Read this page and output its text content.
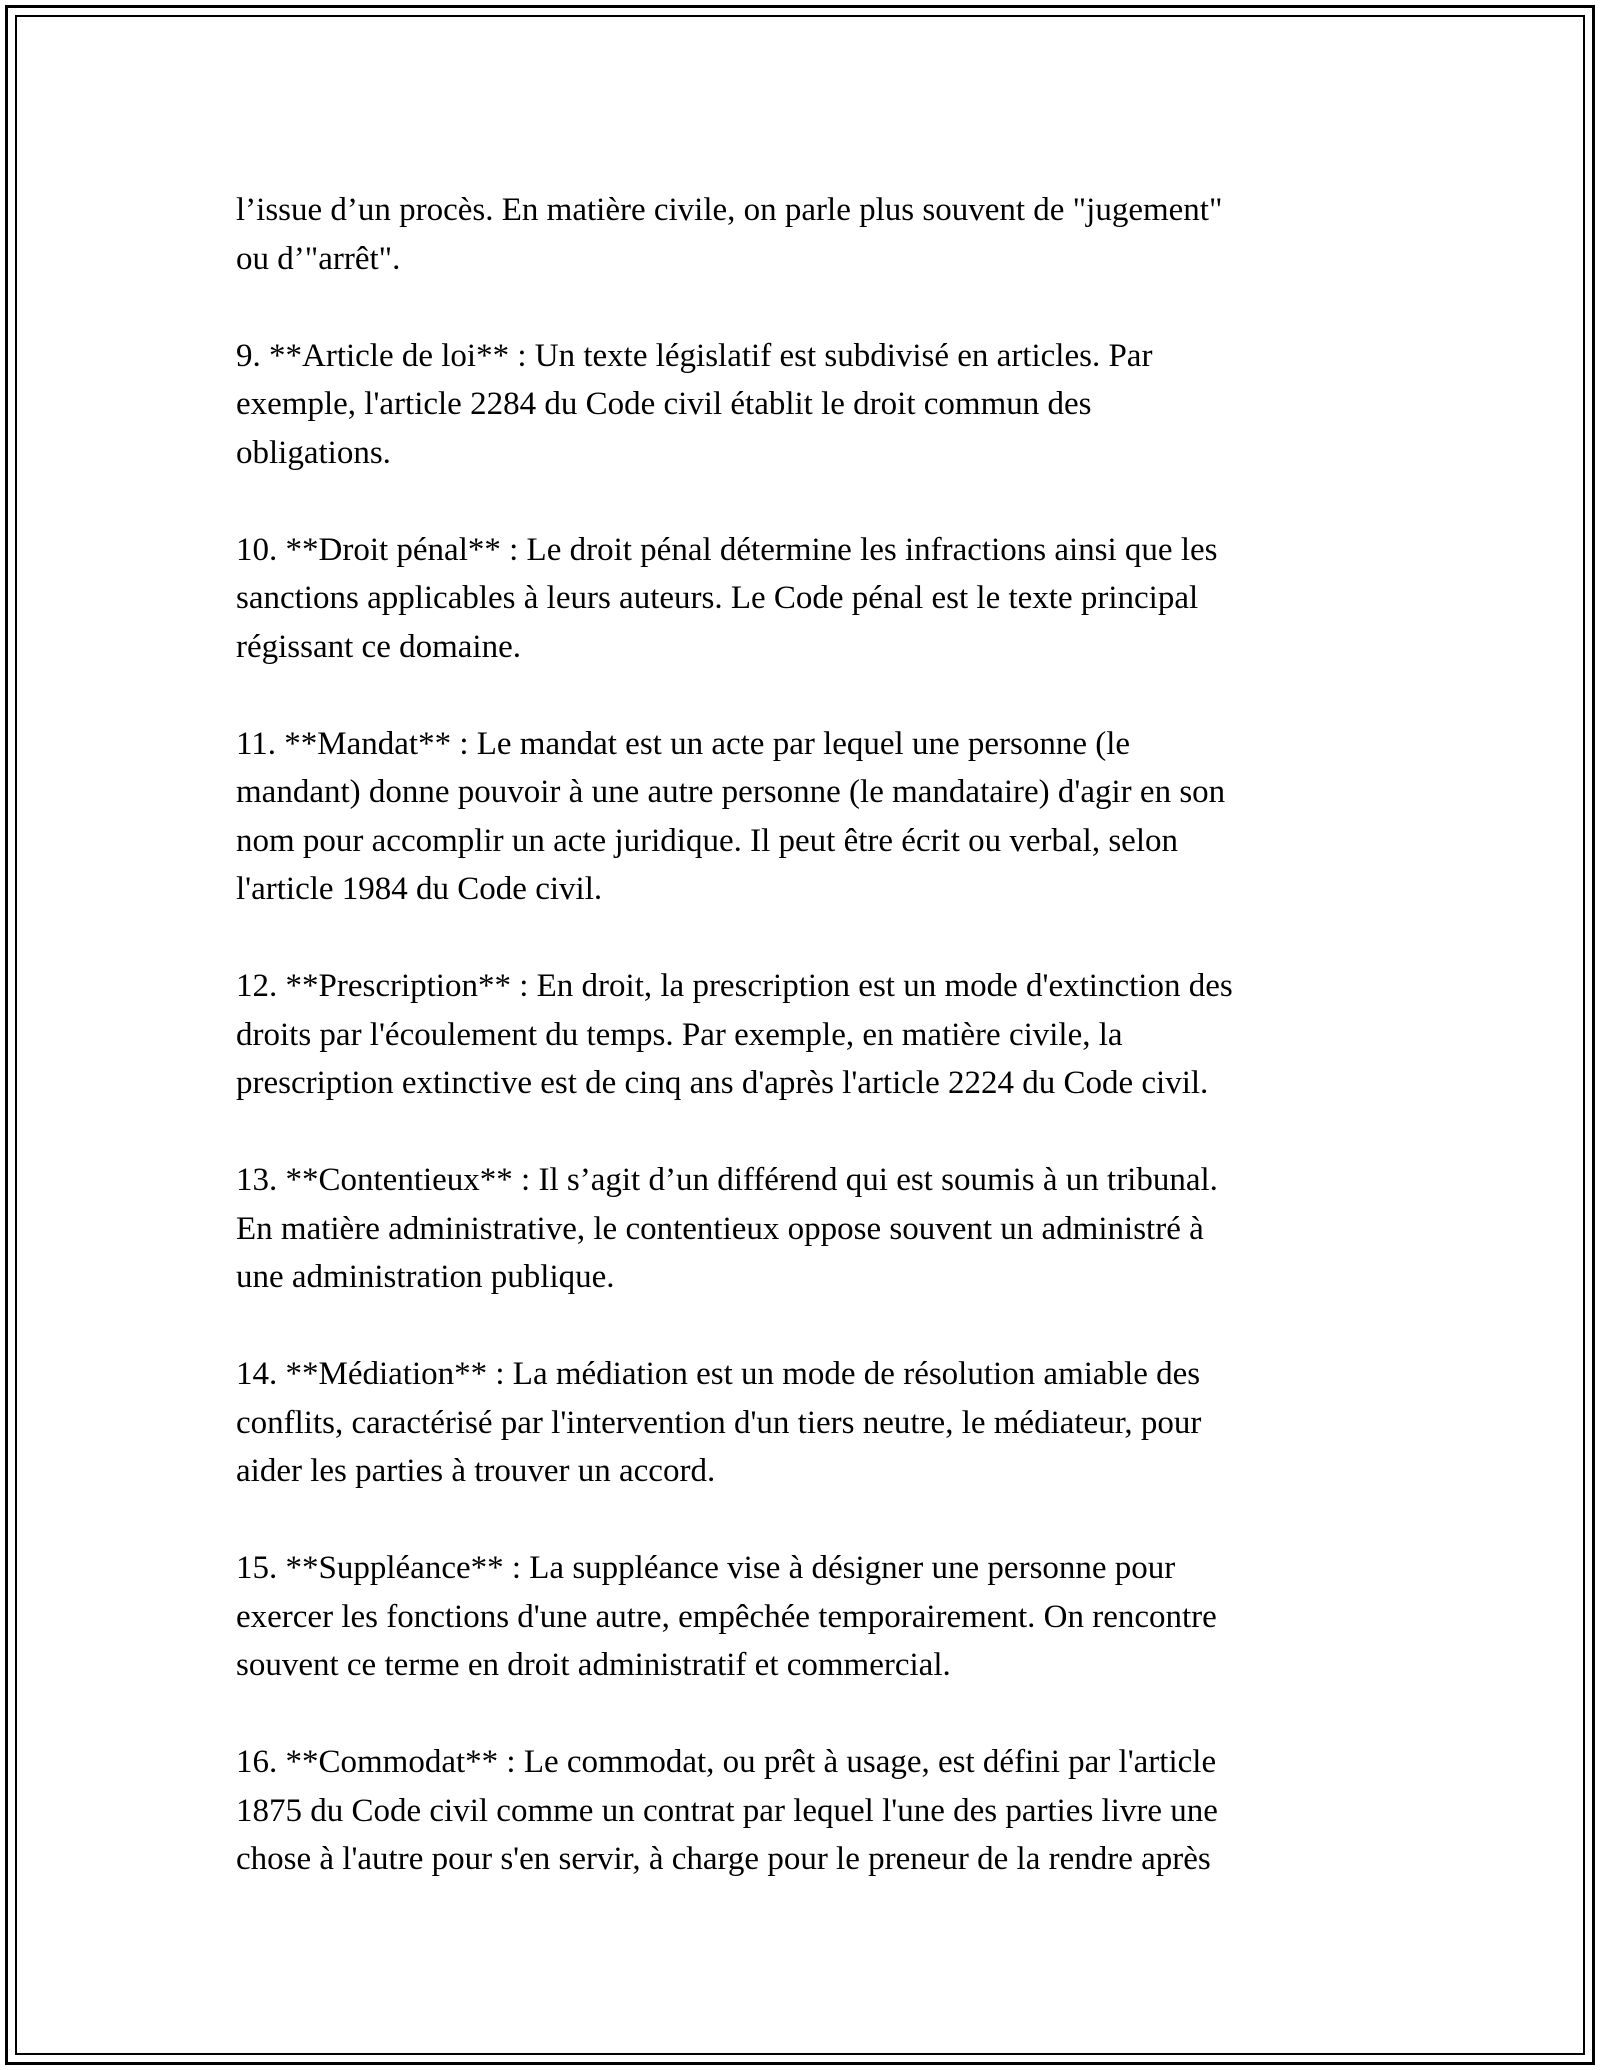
l’issue d’un procès. En matière civile, on parle plus souvent de "jugement"
ou d’"arrêt".

9. **Article de loi** : Un texte législatif est subdivisé en articles. Par
exemple, l'article 2284 du Code civil établit le droit commun des
obligations.

10. **Droit pénal** : Le droit pénal détermine les infractions ainsi que les
sanctions applicables à leurs auteurs. Le Code pénal est le texte principal
régissant ce domaine.

11. **Mandat** : Le mandat est un acte par lequel une personne (le
mandant) donne pouvoir à une autre personne (le mandataire) d'agir en son
nom pour accomplir un acte juridique. Il peut être écrit ou verbal, selon
l'article 1984 du Code civil.

12. **Prescription** : En droit, la prescription est un mode d'extinction des
droits par l'écoulement du temps. Par exemple, en matière civile, la
prescription extinctive est de cinq ans d'après l'article 2224 du Code civil.

13. **Contentieux** : Il s’agit d’un différend qui est soumis à un tribunal.
En matière administrative, le contentieux oppose souvent un administré à
une administration publique.

14. **Médiation** : La médiation est un mode de résolution amiable des
conflits, caractérisé par l'intervention d'un tiers neutre, le médiateur, pour
aider les parties à trouver un accord.

15. **Suppléance** : La suppléance vise à désigner une personne pour
exercer les fonctions d'une autre, empêchée temporairement. On rencontre
souvent ce terme en droit administratif et commercial.

16. **Commodat** : Le commodat, ou prêt à usage, est défini par l'article
1875 du Code civil comme un contrat par lequel l'une des parties livre une
chose à l'autre pour s'en servir, à charge pour le preneur de la rendre après
